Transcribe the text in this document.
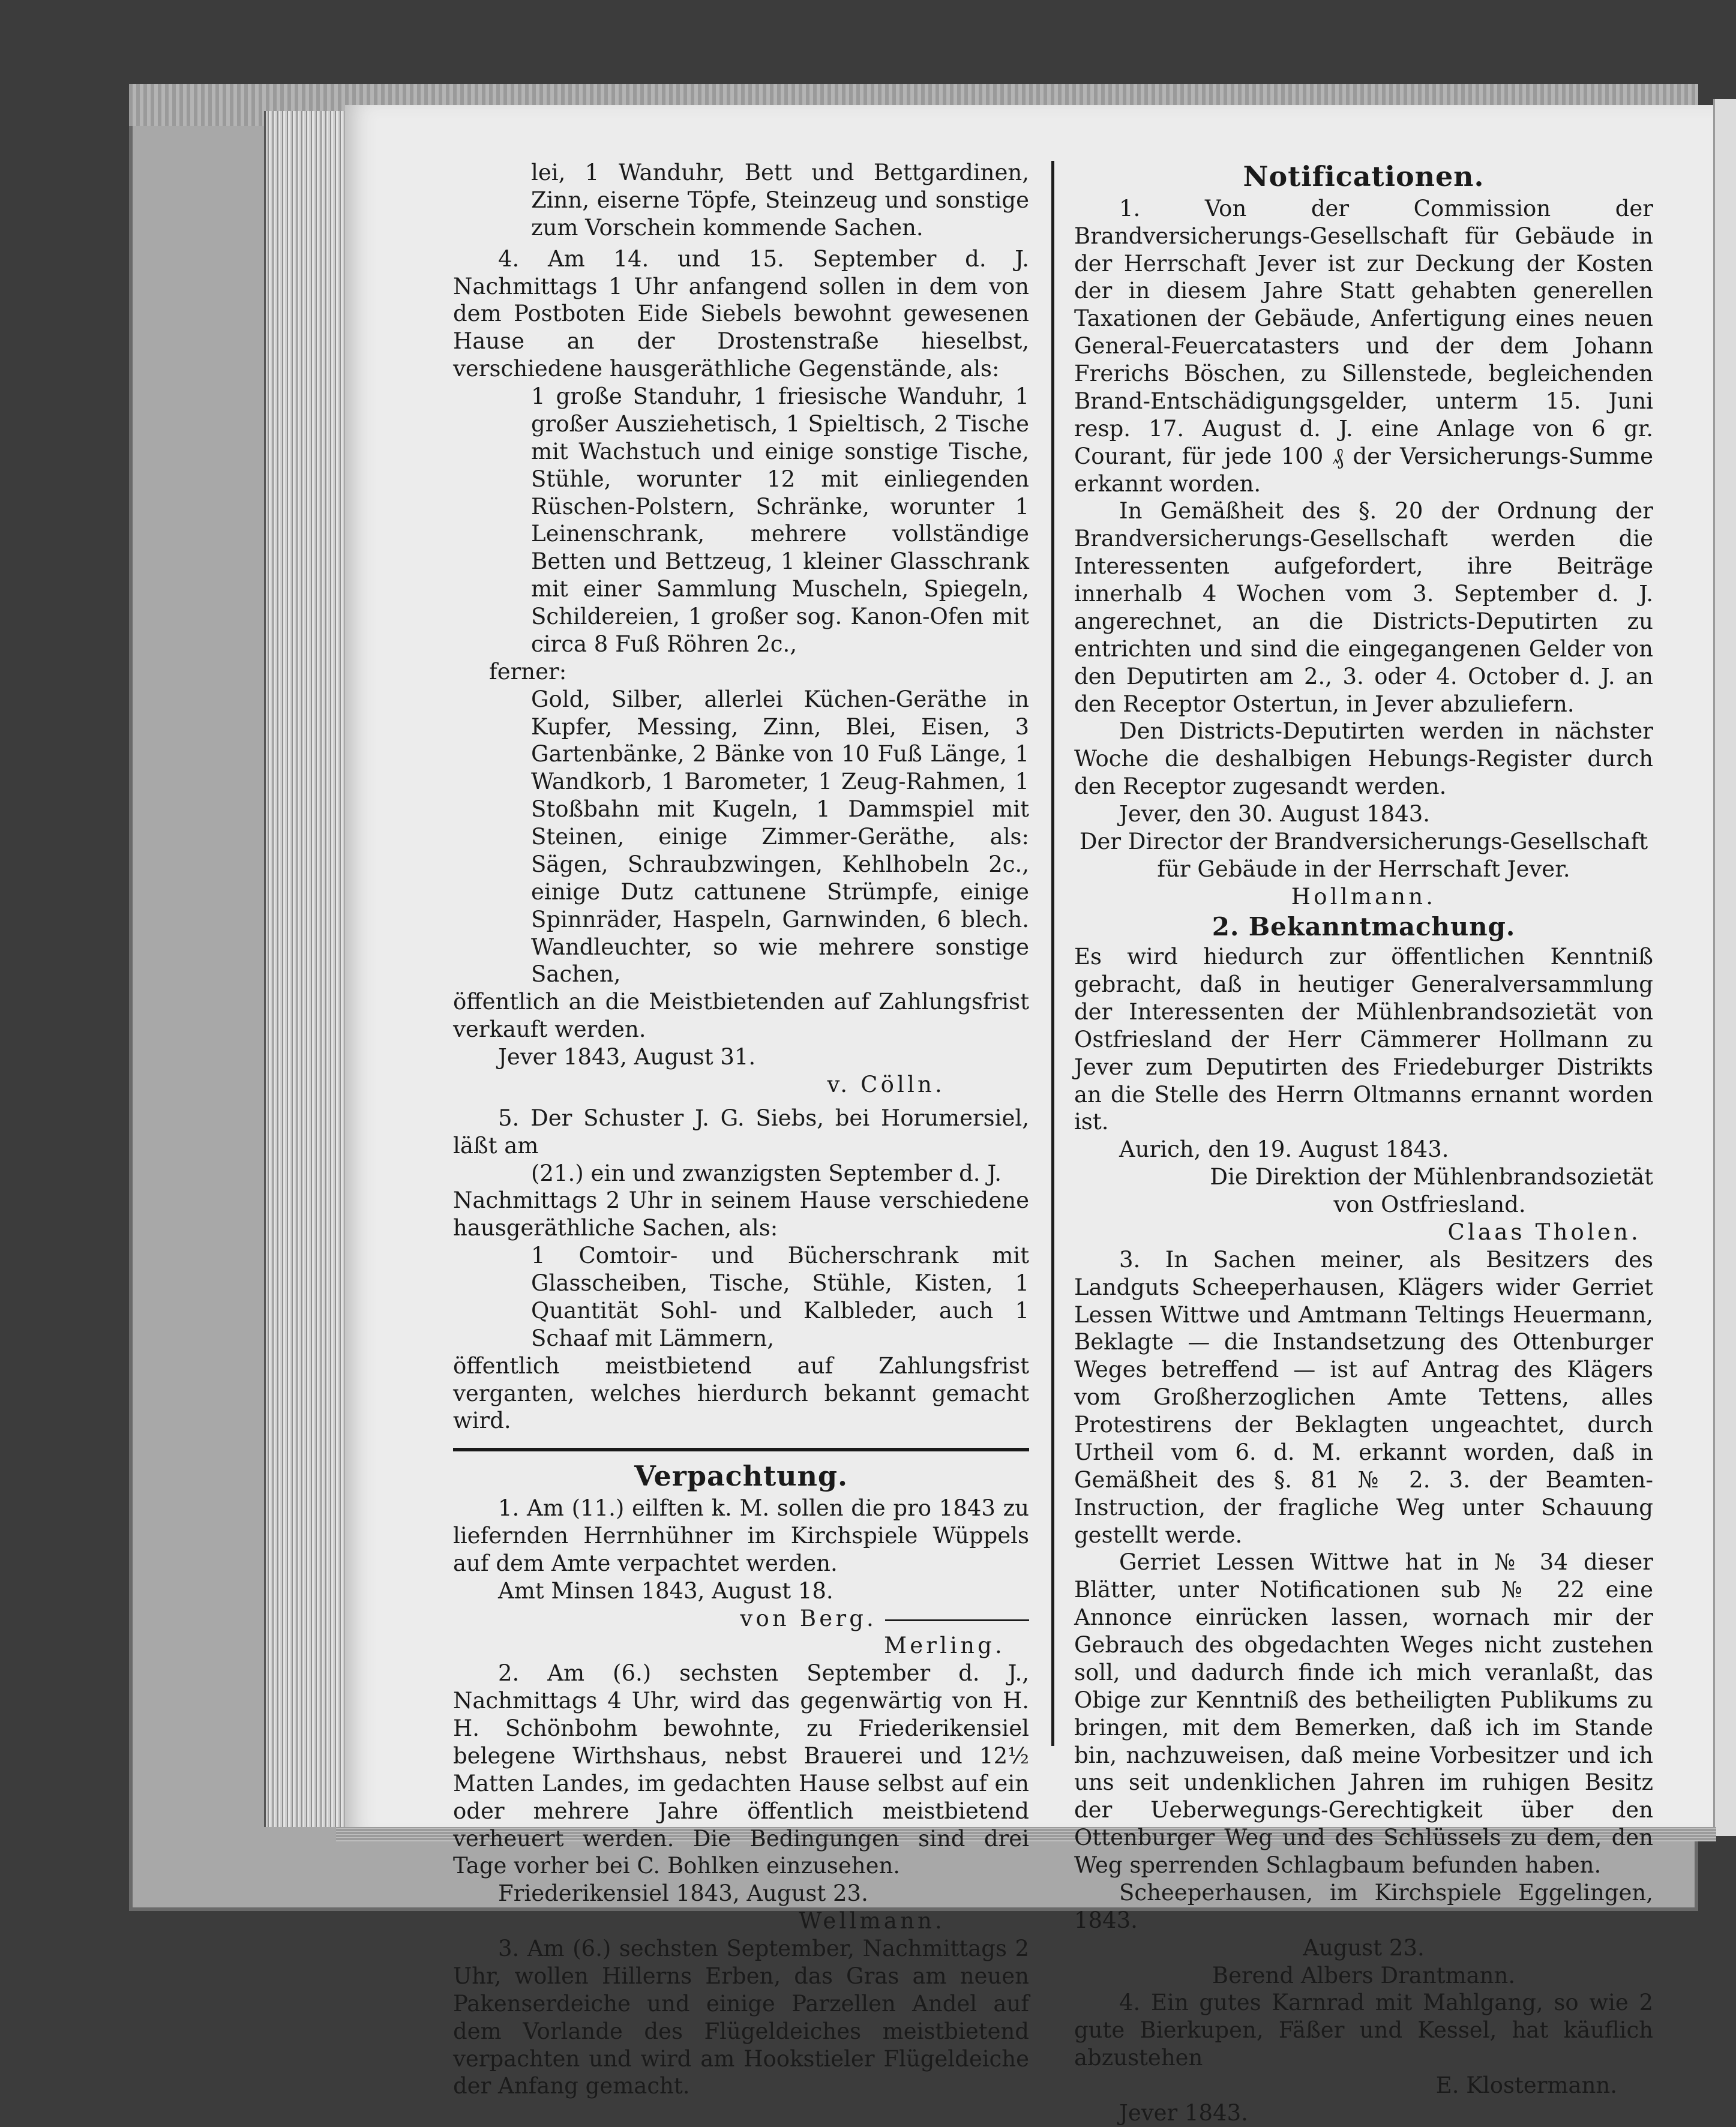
lei, 1 Wanduhr, Bett und Bettgardinen, Zinn, eiserne Töpfe, Steinzeug und sonstige zum Vorschein kommende Sachen.

4. Am 14. und 15. September d. J. Nachmittags 1 Uhr anfangend sollen in dem von dem Postboten Eide Siebels bewohnt gewesenen Hause an der Drostenstraße hieselbst, verschiedene hausgeräthliche Gegenstände, als:

1 große Standuhr, 1 friesische Wanduhr, 1 großer Ausziehetisch, 1 Spieltisch, 2 Tische mit Wachstuch und einige sonstige Tische, Stühle, worunter 12 mit einliegenden Rüschen-Polstern, Schränke, worunter 1 Leinenschrank, mehrere vollständige Betten und Bettzeug, 1 kleiner Glasschrank mit einer Sammlung Muscheln, Spiegeln, Schildereien, 1 großer sog. Kanon-Ofen mit circa 8 Fuß Röhren 2c.,

ferner:

Gold, Silber, allerlei Küchen-Geräthe in Kupfer, Messing, Zinn, Blei, Eisen, 3 Gartenbänke, 2 Bänke von 10 Fuß Länge, 1 Wandkorb, 1 Barometer, 1 Zeug-Rahmen, 1 Stoßbahn mit Kugeln, 1 Dammspiel mit Steinen, einige Zimmer-Geräthe, als: Sägen, Schraubzwingen, Kehlhobeln 2c., einige Dutz cattunene Strümpfe, einige Spinnräder, Haspeln, Garnwinden, 6 blech. Wandleuchter, so wie mehrere sonstige Sachen,

öffentlich an die Meistbietenden auf Zahlungsfrist verkauft werden.

Jever 1843, August 31.

v. Cölln.

5. Der Schuster J. G. Siebs, bei Horumersiel, läßt am

(21.) ein und zwanzigsten September d. J.

Nachmittags 2 Uhr in seinem Hause verschiedene hausgeräthliche Sachen, als:

1 Comtoir- und Bücherschrank mit Glasscheiben, Tische, Stühle, Kisten, 1 Quantität Sohl- und Kalbleder, auch 1 Schaaf mit Lämmern,

öffentlich meistbietend auf Zahlungsfrist verganten, welches hierdurch bekannt gemacht wird.

Verpachtung.

1. Am (11.) eilften k. M. sollen die pro 1843 zu liefernden Herrnhühner im Kirchspiele Wüppels auf dem Amte verpachtet werden.

Amt Minsen 1843, August 18.

von Berg.

Merling.

2. Am (6.) sechsten September d. J., Nachmittags 4 Uhr, wird das gegenwärtig von H. H. Schönbohm bewohnte, zu Friederikensiel belegene Wirthshaus, nebst Brauerei und 12½ Matten Landes, im gedachten Hause selbst auf ein oder mehrere Jahre öffentlich meistbietend verheuert werden. Die Bedingungen sind drei Tage vorher bei C. Bohlken einzusehen.

Friederikensiel 1843, August 23.

Wellmann.

3. Am (6.) sechsten September, Nachmittags 2 Uhr, wollen Hillerns Erben, das Gras am neuen Pakenserdeiche und einige Parzellen Andel auf dem Vorlande des Flügeldeiches meistbietend verpachten und wird am Hookstieler Flügeldeiche der Anfang gemacht.

Notificationen.

1. Von der Commission der Brandversicherungs-Gesellschaft für Gebäude in der Herrschaft Jever ist zur Deckung der Kosten der in diesem Jahre Statt gehabten generellen Taxationen der Gebäude, Anfertigung eines neuen General-Feuercatasters und der dem Johann Frerichs Böschen, zu Sillenstede, begleichenden Brand-Entschädigungsgelder, unterm 15. Juni resp. 17. August d. J. eine Anlage von 6 gr. Courant, für jede 100 ₰ der Versicherungs-Summe erkannt worden.

In Gemäßheit des §. 20 der Ordnung der Brandversicherungs-Gesellschaft werden die Interessenten aufgefordert, ihre Beiträge innerhalb 4 Wochen vom 3. September d. J. angerechnet, an die Districts-Deputirten zu entrichten und sind die eingegangenen Gelder von den Deputirten am 2., 3. oder 4. October d. J. an den Receptor Ostertun, in Jever abzuliefern.

Den Districts-Deputirten werden in nächster Woche die deshalbigen Hebungs-Register durch den Receptor zugesandt werden.

Jever, den 30. August 1843.

Der Director der Brandversicherungs-Gesellschaft

für Gebäude in der Herrschaft Jever.

Hollmann.

2. Bekanntmachung.

Es wird hiedurch zur öffentlichen Kenntniß gebracht, daß in heutiger Generalversammlung der Interessenten der Mühlenbrandsozietät von Ostfriesland der Herr Cämmerer Hollmann zu Jever zum Deputirten des Friedeburger Distrikts an die Stelle des Herrn Oltmanns ernannt worden ist.

Aurich, den 19. August 1843.

Die Direktion der Mühlenbrandsozietät

von Ostfriesland.

Claas Tholen.

3. In Sachen meiner, als Besitzers des Landguts Scheeperhausen, Klägers wider Gerriet Lessen Wittwe und Amtmann Teltings Heuermann, Beklagte — die Instandsetzung des Ottenburger Weges betreffend — ist auf Antrag des Klägers vom Großherzoglichen Amte Tettens, alles Protestirens der Beklagten ungeachtet, durch Urtheil vom 6. d. M. erkannt worden, daß in Gemäßheit des §. 81 № 2. 3. der Beamten-Instruction, der fragliche Weg unter Schauung gestellt werde.

Gerriet Lessen Wittwe hat in № 34 dieser Blätter, unter Notificationen sub № 22 eine Annonce einrücken lassen, wornach mir der Gebrauch des obgedachten Weges nicht zustehen soll, und dadurch finde ich mich veranlaßt, das Obige zur Kenntniß des betheiligten Publikums zu bringen, mit dem Bemerken, daß ich im Stande bin, nachzuweisen, daß meine Vorbesitzer und ich uns seit undenklichen Jahren im ruhigen Besitz der Ueberwegungs-Gerechtigkeit über den Ottenburger Weg und des Schlüssels zu dem, den Weg sperrenden Schlagbaum befunden haben.

Scheeperhausen, im Kirchspiele Eggelingen, 1843.

August 23.

Berend Albers Drantmann.

4. Ein gutes Karnrad mit Mahlgang, so wie 2 gute Bierkupen, Fäßer und Kessel, hat käuflich abzustehen

E. Klostermann.

Jever 1843.
